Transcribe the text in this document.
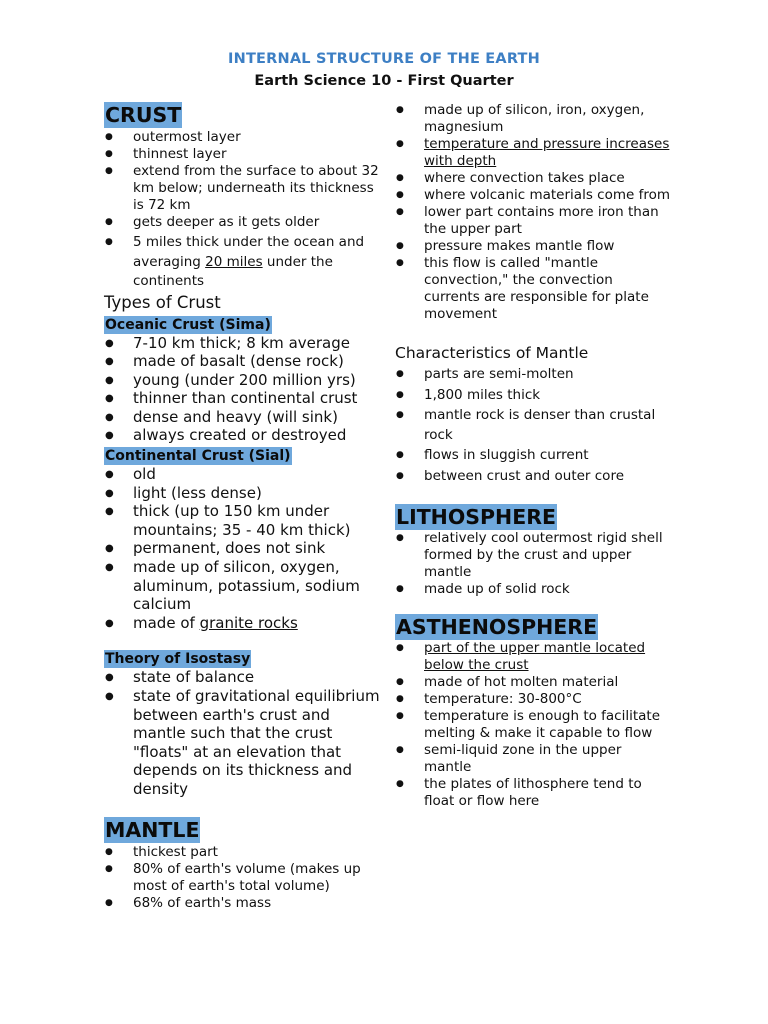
INTERNAL STRUCTURE OF THE EARTH
Earth Science 10 - First Quarter
CRUST
● outermost layer
● thinnest layer
● extend from the surface to about 32 km below; underneath its thickness is 72 km
● gets deeper as it gets older
● 5 miles thick under the ocean and averaging 20 miles under the continents
Types of Crust
Oceanic Crust (Sima)
● 7-10 km thick; 8 km average
● made of basalt (dense rock)
● young (under 200 million yrs)
● thinner than continental crust
● dense and heavy (will sink)
● always created or destroyed
Continental Crust (Sial)
● old
● light (less dense)
● thick (up to 150 km under mountains; 35 - 40 km thick)
● permanent, does not sink
● made up of silicon, oxygen, aluminum, potassium, sodium calcium
● made of granite rocks
Theory of Isostasy
● state of balance
● state of gravitational equilibrium between earth's crust and mantle such that the crust "floats" at an elevation that depends on its thickness and density
MANTLE
● thickest part
● 80% of earth's volume (makes up most of earth's total volume)
● 68% of earth's mass
● made up of silicon, iron, oxygen, magnesium
● temperature and pressure increases with depth
● where convection takes place
● where volcanic materials come from
● lower part contains more iron than the upper part
● pressure makes mantle flow
● this flow is called "mantle convection," the convection currents are responsible for plate movement
Characteristics of Mantle
● parts are semi-molten
● 1,800 miles thick
● mantle rock is denser than crustal rock
● flows in sluggish current
● between crust and outer core
LITHOSPHERE
● relatively cool outermost rigid shell formed by the crust and upper mantle
● made up of solid rock
ASTHENOSPHERE
● part of the upper mantle located below the crust
● made of hot molten material
● temperature: 30-800°C
● temperature is enough to facilitate melting & make it capable to flow
● semi-liquid zone in the upper mantle
● the plates of lithosphere tend to float or flow here
